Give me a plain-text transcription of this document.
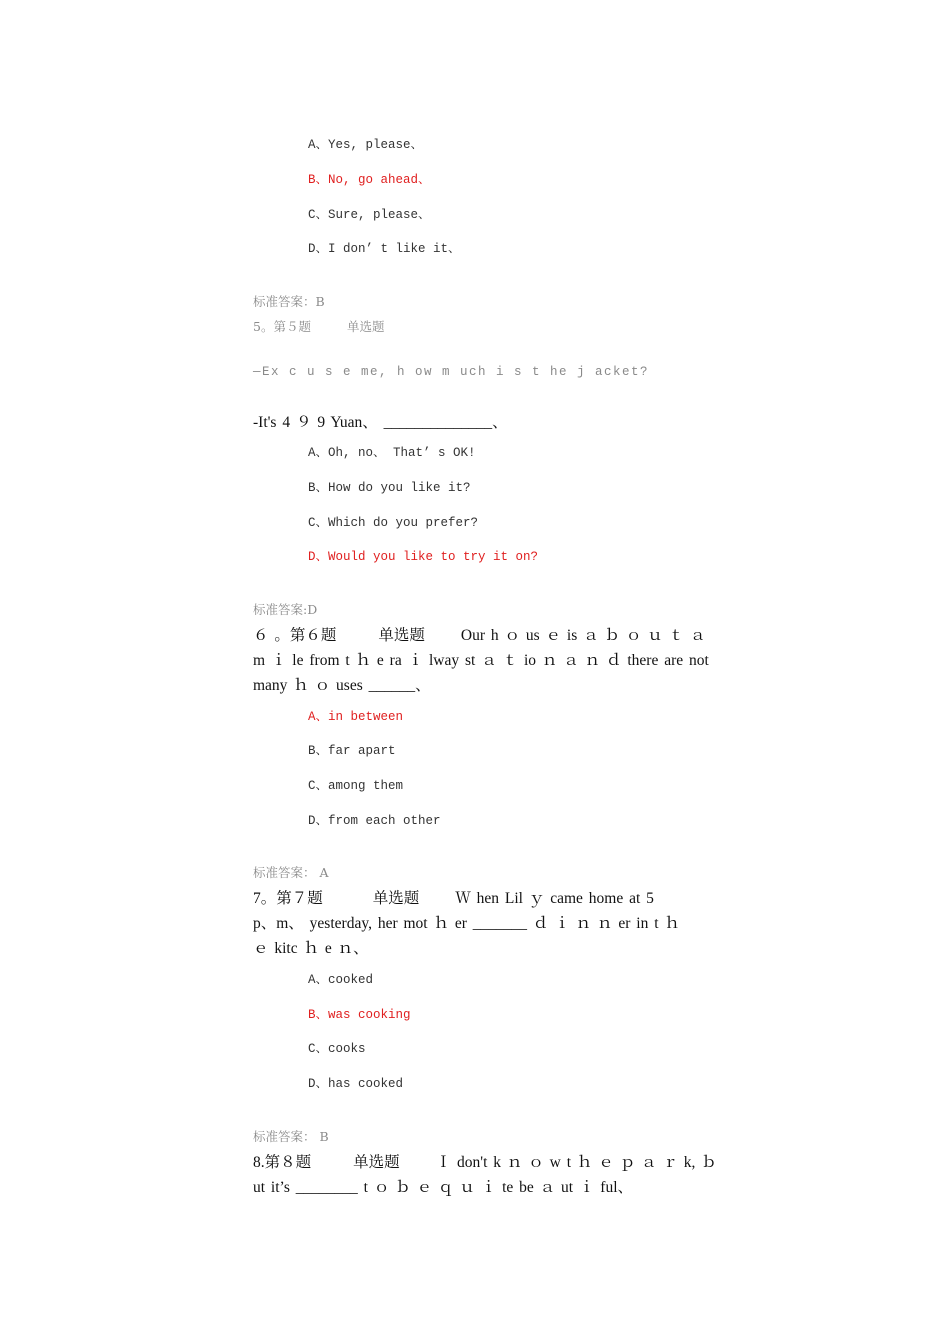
A、Yes, please、
B、No, go ahead、
C、Sure, please、
D、I don’ t like it、
标准答案：B
5。第５题	单选题
—Ex c u s e me, h ow m uch i s t he j acket?
-It's 4 ９ 9 Yuan、 ______________、
A、Oh, no、 That’ s OK!
B、How do you like it?
C、Which do you prefer?
D、Would you like to try it on?
标准答案:D
６ 。第６题	单选题 Our h ｏ us ｅ is ａ ｂ ｏ ｕ ｔ ａ
m ｉ le from t ｈ e ra ｉ lway st ａ ｔ io ｎ ａ ｎ ｄ there are not
many ｈ ｏ uses ______、
A、in between
B、far apart
C、among them
D、from each other
标准答案： A
7。第７题	单选题 Ｗ hen Lil ｙ came home at 5
p、m、 yesterday, her mot ｈ er _______ ｄ ｉ ｎ ｎ er in t ｈ
ｅ kitc ｈ e ｎ、
A、cooked
B、was cooking
C、cooks
D、has cooked
标准答案： B
8.第８题	单选题 Ｉ don't k ｎ ｏ w t ｈ ｅ ｐ ａ ｒ k, ｂ
ut it’s ________ t ｏ ｂ ｅ ｑ ｕ ｉ te be ａ ut ｉ ful、
